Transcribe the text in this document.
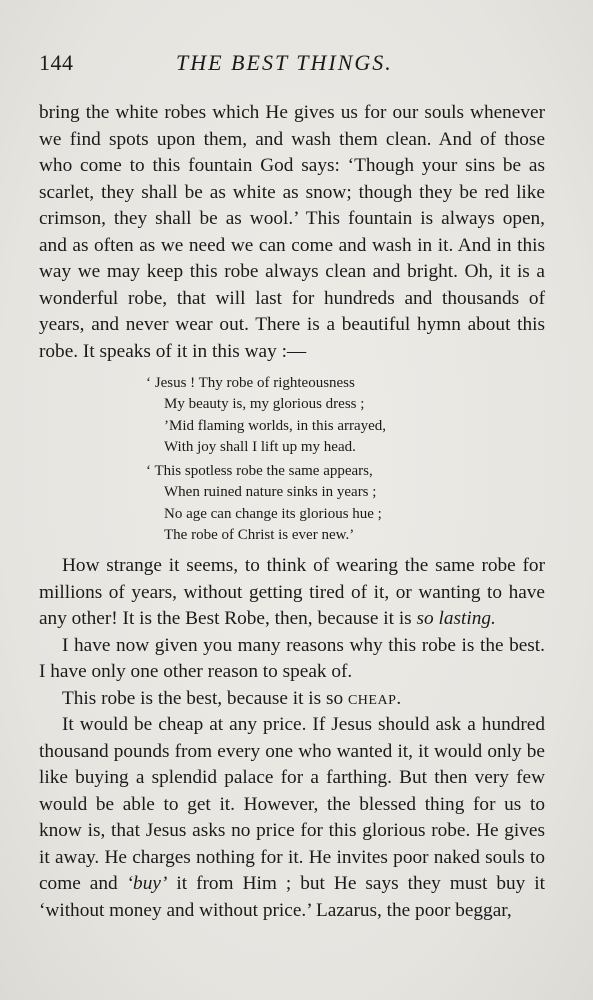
144	THE BEST THINGS.

bring the white robes which He gives us for our souls whenever we find spots upon them, and wash them clean. And of those who come to this fountain God says: ‘Though your sins be as scarlet, they shall be as white as snow; though they be red like crimson, they shall be as wool.’ This fountain is always open, and as often as we need we can come and wash in it. And in this way we may keep this robe always clean and bright. Oh, it is a wonderful robe, that will last for hundreds and thousands of years, and never wear out. There is a beautiful hymn about this robe. It speaks of it in this way :—

‘ Jesus ! Thy robe of righteousness
My beauty is, my glorious dress ;
’Mid flaming worlds, in this arrayed,
With joy shall I lift up my head.
‘ This spotless robe the same appears,
When ruined nature sinks in years ;
No age can change its glorious hue ;
The robe of Christ is ever new.’

How strange it seems, to think of wearing the same robe for millions of years, without getting tired of it, or wanting to have any other! It is the Best Robe, then, because it is so lasting.

I have now given you many reasons why this robe is the best. I have only one other reason to speak of.

This robe is the best, because it is so cheap.

It would be cheap at any price. If Jesus should ask a hundred thousand pounds from every one who wanted it, it would only be like buying a splendid palace for a farthing. But then very few would be able to get it. However, the blessed thing for us to know is, that Jesus asks no price for this glorious robe. He gives it away. He charges nothing for it. He invites poor naked souls to come and ‘buy’ it from Him ; but He says they must buy it ‘without money and without price.’ Lazarus, the poor beggar,
